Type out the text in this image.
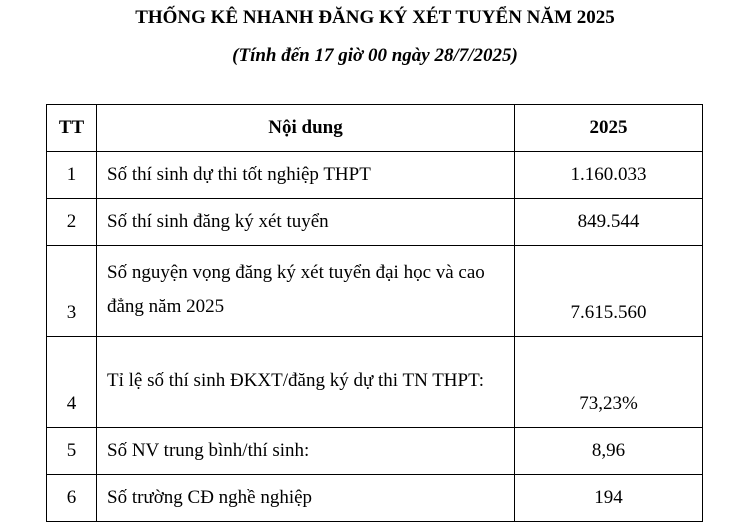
THỐNG KÊ NHANH ĐĂNG KÝ XÉT TUYỂN NĂM 2025
(Tính đến 17 giờ 00 ngày 28/7/2025)
TT	Nội dung	2025
1	Số thí sinh dự thi tốt nghiệp THPT	1.160.033
2	Số thí sinh đăng ký xét tuyển	849.544
3	Số nguyện vọng đăng ký xét tuyển đại học và cao đẳng năm 2025	7.615.560
4	Tỉ lệ số thí sinh ĐKXT/đăng ký dự thi TN THPT:	73,23%
5	Số NV trung bình/thí sinh:	8,96
6	Số trường CĐ nghề nghiệp	194
